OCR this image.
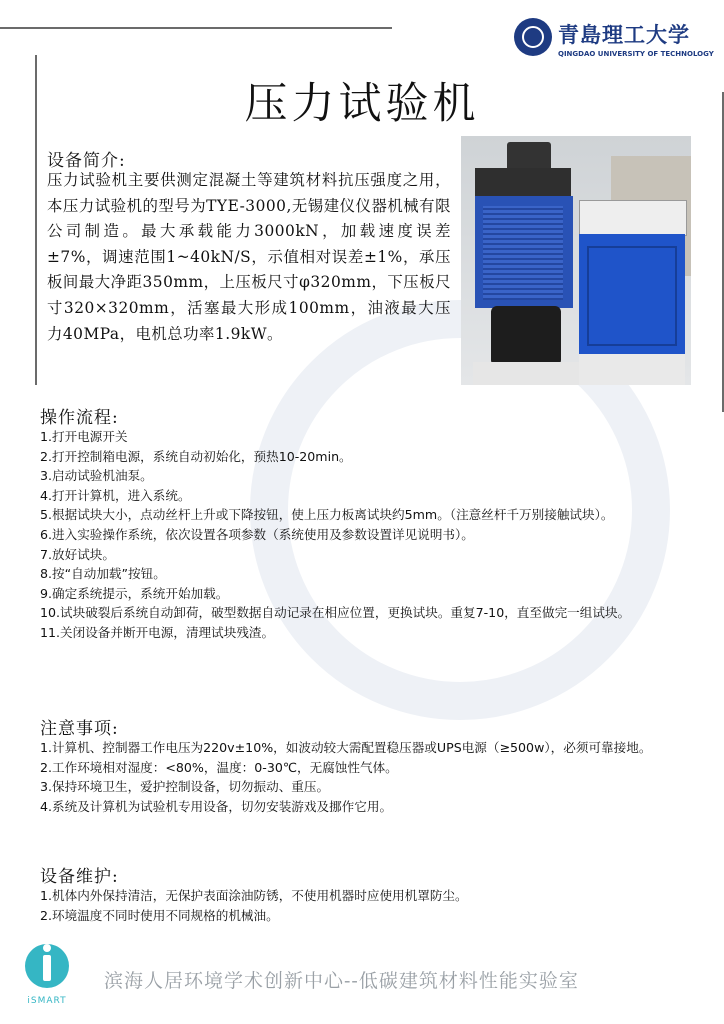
青島理工大学
QINGDAO UNIVERSITY OF TECHNOLOGY
压力试验机
设备简介:
压力试验机主要供测定混凝土等建筑材料抗压强度之用，本压力试验机的型号为TYE-3000,无锡建仪仪器机械有限公司制造。最大承载能力3000kN，加载速度误差±7%，调速范围1~40kN/S，示值相对误差±1%，承压板间最大净距350mm，上压板尺寸φ320mm，下压板尺寸320×320mm，活塞最大形成100mm，油液最大压力40MPa，电机总功率1.9kW。
操作流程:
1.打开电源开关
2.打开控制箱电源，系统自动初始化，预热10-20min。
3.启动试验机油泵。
4.打开计算机，进入系统。
5.根据试块大小，点动丝杆上升或下降按钮，使上压力板离试块约5mm。（注意丝杆千万别接触试块）。
6.进入实验操作系统，依次设置各项参数（系统使用及参数设置详见说明书）。
7.放好试块。
8.按“自动加载”按钮。
9.确定系统提示，系统开始加载。
10.试块破裂后系统自动卸荷，破型数据自动记录在相应位置，更换试块。重复7-10，直至做完一组试块。
11.关闭设备并断开电源，清理试块残渣。
注意事项:
1.计算机、控制器工作电压为220v±10%，如波动较大需配置稳压器或UPS电源（≥500w），必须可靠接地。
2.工作环境相对湿度：<80%，温度：0-30℃，无腐蚀性气体。
3.保持环境卫生，爱护控制设备，切勿振动、重压。
4.系统及计算机为试验机专用设备，切勿安装游戏及挪作它用。
设备维护:
1.机体内外保持清洁，无保护表面涂油防锈，不使用机器时应使用机罩防尘。
2.环境温度不同时使用不同规格的机械油。
iSMART
滨海人居环境学术创新中心--低碳建筑材料性能实验室
